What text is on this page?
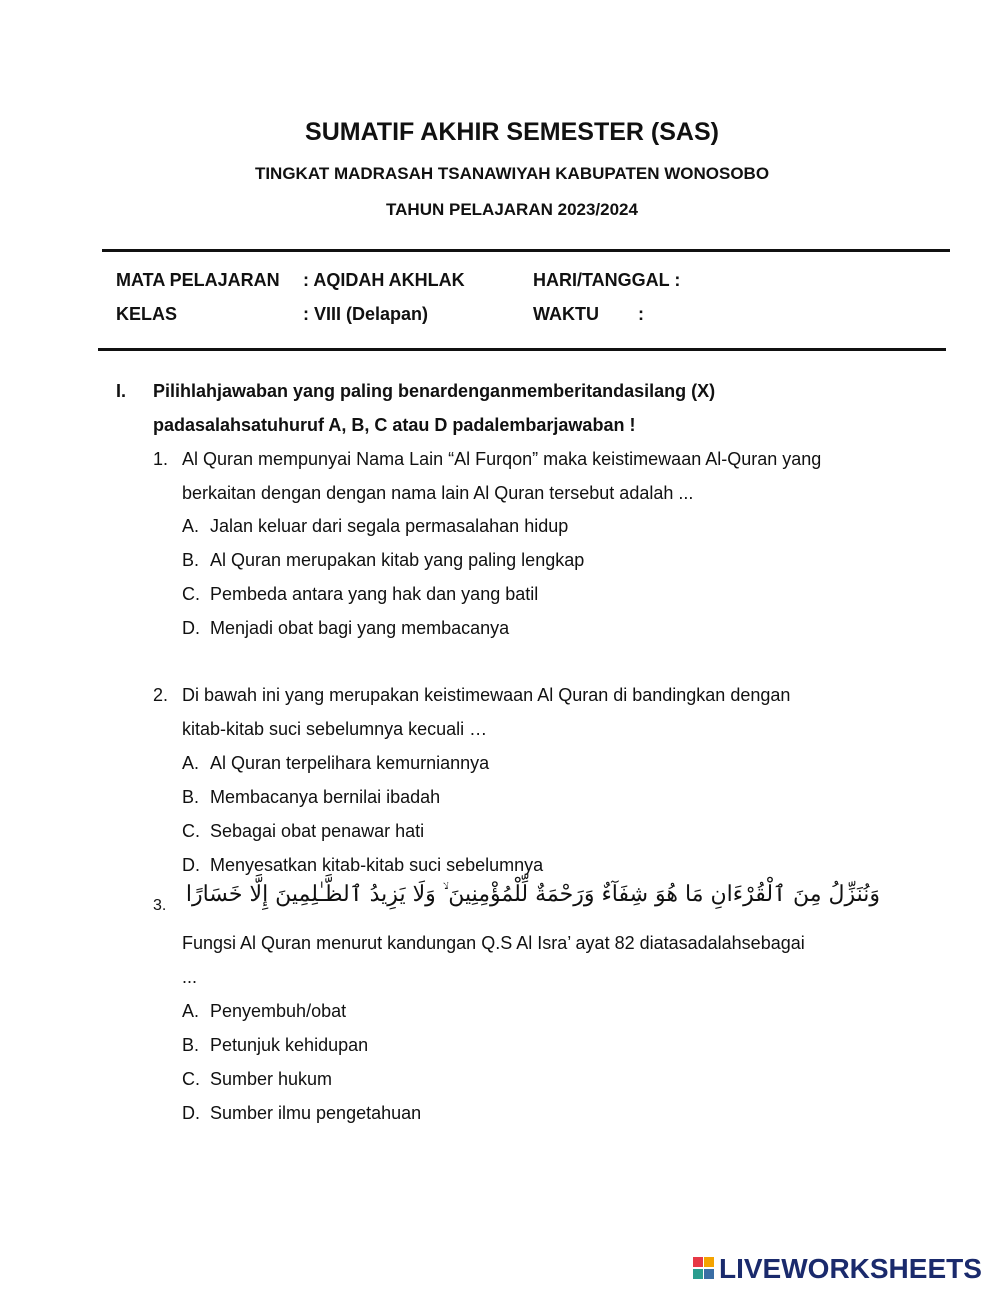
SUMATIF AKHIR SEMESTER (SAS)
TINGKAT MADRASAH TSANAWIYAH KABUPATEN WONOSOBO
TAHUN PELAJARAN 2023/2024
MATA PELAJARAN : AQIDAH AKHLAK	HARI/TANGGAL :
KELAS	: VIII (Delapan)	WAKTU :
I. Pilihlahjawaban yang paling benardenganmemberitandasilang (X)
padasalahsatuhuruf A, B, C atau D padalembarjawaban !
1. Al Quran mempunyai Nama Lain “Al Furqon” maka keistimewaan Al-Quran yang
berkaitan dengan dengan nama lain Al Quran tersebut adalah ...
A. Jalan keluar dari segala permasalahan hidup
B. Al Quran merupakan kitab yang paling lengkap
C. Pembeda antara yang hak dan yang batil
D. Menjadi obat bagi yang membacanya
2. Di bawah ini yang merupakan keistimewaan Al Quran di bandingkan dengan
kitab-kitab suci sebelumnya kecuali …
A. Al Quran terpelihara kemurniannya
B. Membacanya bernilai ibadah
C. Sebagai obat penawar hati
D. Menyesatkan kitab-kitab suci sebelumnya
3. وَنُنَزِّلُ مِنَ ٱلْقُرْءَانِ مَا هُوَ شِفَآءٌ وَرَحْمَةٌ لِّلْمُؤْمِنِينَ ۙ وَلَا يَزِيدُ ٱلظَّـٰلِمِينَ إِلَّا خَسَارًا
Fungsi Al Quran menurut kandungan Q.S Al Isra’ ayat 82 diatasadalahsebagai
...
A. Penyembuh/obat
B. Petunjuk kehidupan
C. Sumber hukum
D. Sumber ilmu pengetahuan
LIVEWORKSHEETS
